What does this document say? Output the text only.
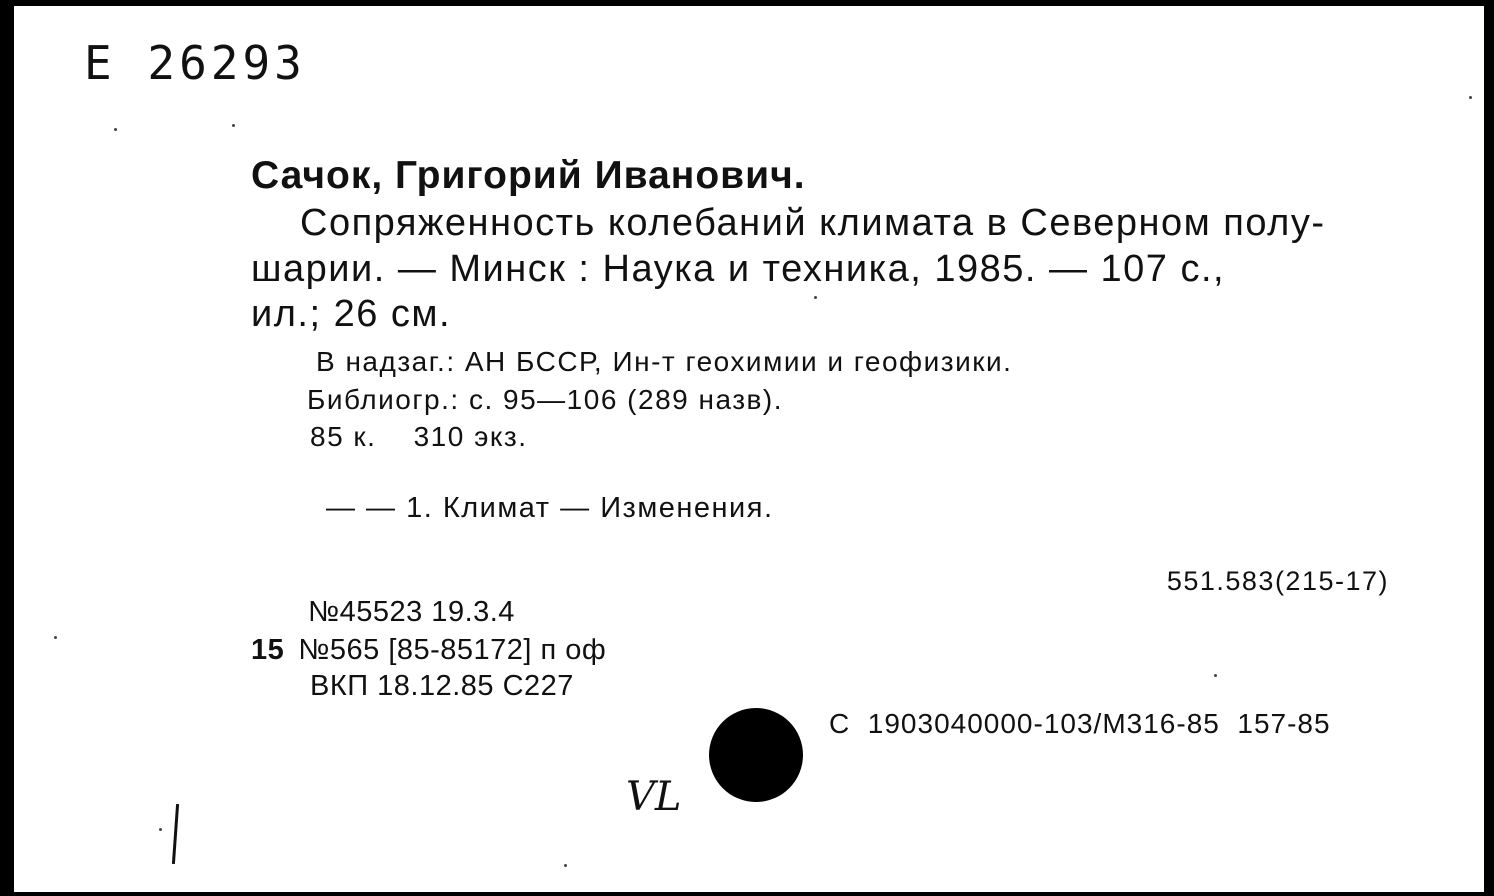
Е 26293
Сачок, Григорий Иванович.
Сопряженность колебаний климата в Северном полу-
шарии. — Минск : Наука и техника, 1985. — 107 с.,
ил.; 26 см.
В надзаг.: АН БССР, Ин-т геохимии и геофизики.
Библиогр.: с. 95—106 (289 назв).
85 к.    310 экз.
— — 1. Климат — Изменения.
551.583(215-17)
№45523 19.3.4
15 №565 [85-85172] п оф
ВКП 18.12.85 С227
С  1903040000-103/М316-85  157-85
VL
